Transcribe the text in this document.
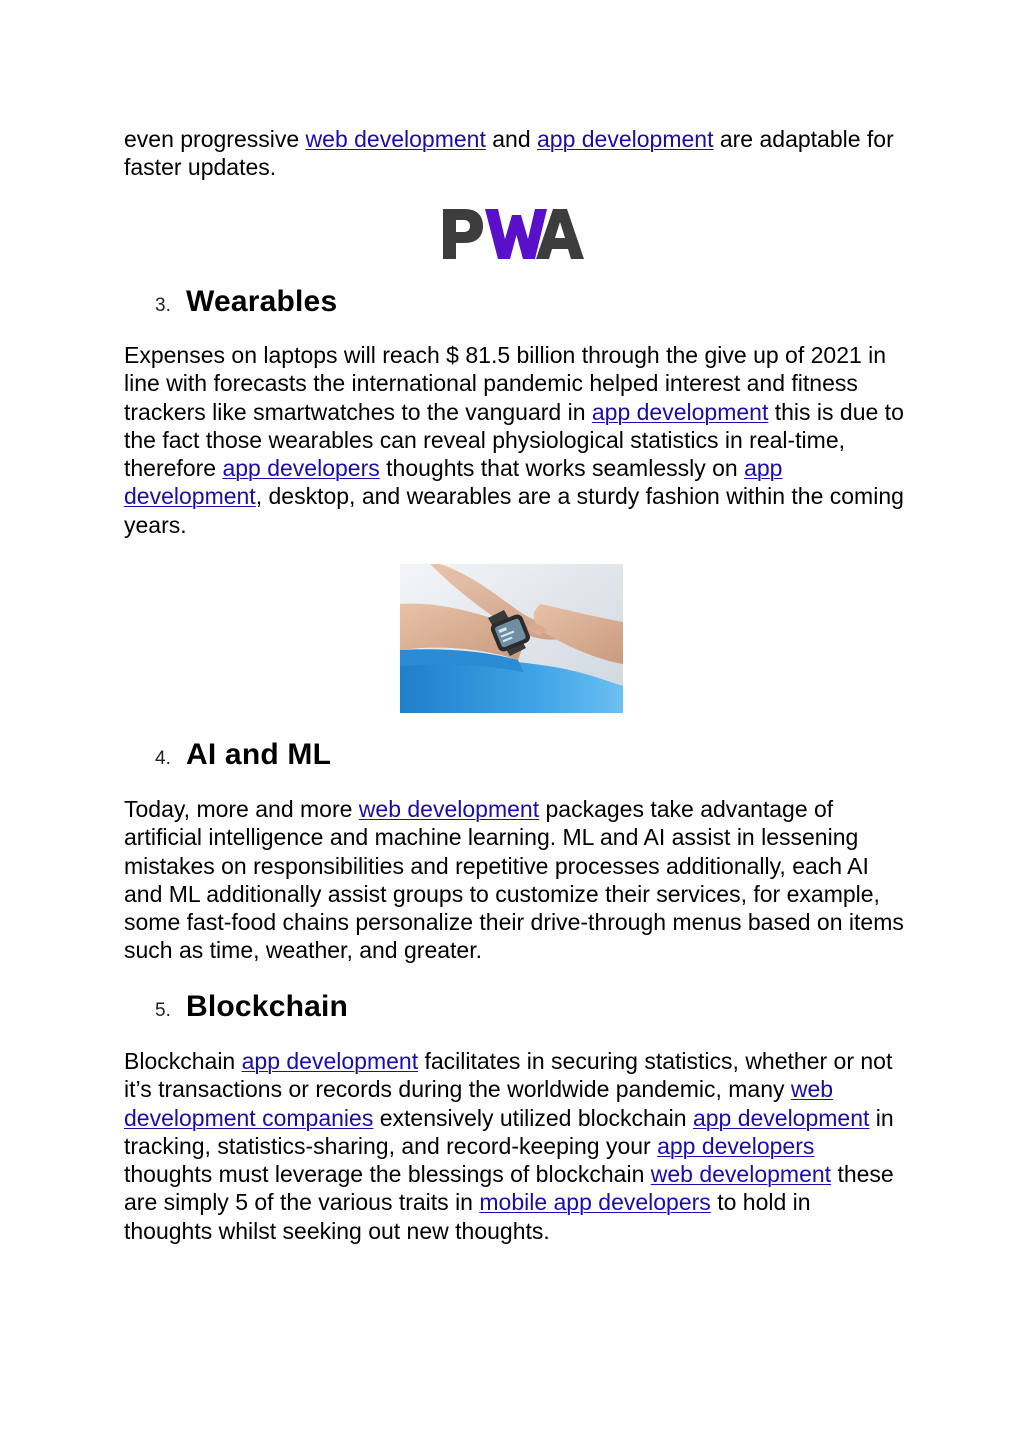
even progressive web development and app development are adaptable for faster updates.

3. Wearables

Expenses on laptops will reach $ 81.5 billion through the give up of 2021 in line with forecasts the international pandemic helped interest and fitness trackers like smartwatches to the vanguard in app development this is due to the fact those wearables can reveal physiological statistics in real-time, therefore app developers thoughts that works seamlessly on app development, desktop, and wearables are a sturdy fashion within the coming years.

4. AI and ML

Today, more and more web development packages take advantage of artificial intelligence and machine learning. ML and AI assist in lessening mistakes on responsibilities and repetitive processes additionally, each AI and ML additionally assist groups to customize their services, for example, some fast-food chains personalize their drive-through menus based on items such as time, weather, and greater.

5. Blockchain

Blockchain app development facilitates in securing statistics, whether or not it’s transactions or records during the worldwide pandemic, many web development companies extensively utilized blockchain app development in tracking, statistics-sharing, and record-keeping your app developers thoughts must leverage the blessings of blockchain web development these are simply 5 of the various traits in mobile app developers to hold in thoughts whilst seeking out new thoughts.
